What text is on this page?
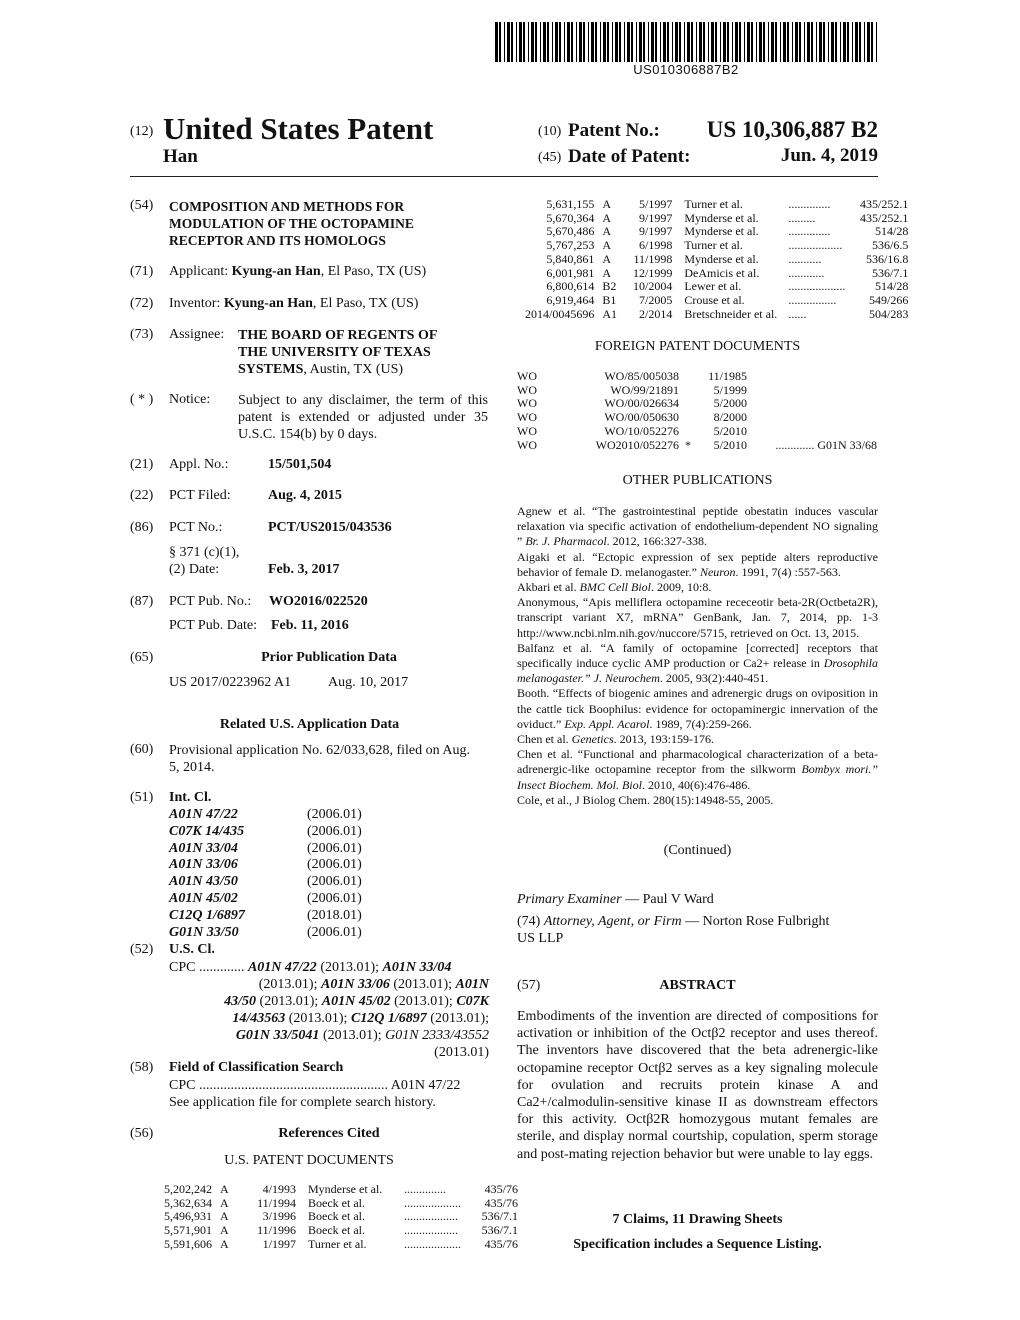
US010306887B2
(12) United States Patent
Han
(10) Patent No.: US 10,306,887 B2
(45) Date of Patent:	Jun. 4, 2019
(54) COMPOSITION AND METHODS FOR
MODULATION OF THE OCTOPAMINE
RECEPTOR AND ITS HOMOLOGS
(71) Applicant: Kyung-an Han, El Paso, TX (US)
(72) Inventor: Kyung-an Han, El Paso, TX (US)
(73) Assignee: THE BOARD OF REGENTS OF
THE UNIVERSITY OF TEXAS
SYSTEMS, Austin, TX (US)
( * ) Notice: Subject to any disclaimer, the term of this
patent is extended or adjusted under 35
U.S.C. 154(b) by 0 days.
(21) Appl. No.:	15/501,504
(22) PCT Filed:	Aug. 4, 2015
(86) PCT No.:	PCT/US2015/043536
§ 371 (c)(1),
(2) Date:	Feb. 3, 2017
(87) PCT Pub. No.: WO2016/022520
PCT Pub. Date: Feb. 11, 2016
(65)	Prior Publication Data
US 2017/0223962 A1	Aug. 10, 2017
Related U.S. Application Data
(60) Provisional application No. 62/033,628, filed on Aug.
5, 2014.
(51) Int. Cl.
A01N 47/22	(2006.01)
C07K 14/435	(2006.01)
A01N 33/04	(2006.01)
A01N 33/06	(2006.01)
A01N 43/50	(2006.01)
A01N 45/02	(2006.01)
C12Q 1/6897	(2018.01)
G01N 33/50	(2006.01)
(52) U.S. Cl.
CPC ............. A01N 47/22 (2013.01); A01N 33/04
(2013.01); A01N 33/06 (2013.01); A01N
43/50 (2013.01); A01N 45/02 (2013.01); C07K
14/43563 (2013.01); C12Q 1/6897 (2013.01);
G01N 33/5041 (2013.01); G01N 2333/43552
(2013.01)
(58) Field of Classification Search
CPC ...................................................... A01N 47/22
See application file for complete search history.
(56)	References Cited
U.S. PATENT DOCUMENTS
5,202,242	A	4/1993	Mynderse et al.	..............	435/76
5,362,634	A	11/1994	Boeck et al.	...................	435/76
5,496,931	A	3/1996	Boeck et al.	..................	536/7.1
5,571,901	A	11/1996	Boeck et al.	..................	536/7.1
5,591,606	A	1/1997	Turner et al.	...................	435/76
5,631,155	A	5/1997	Turner et al.	..............	435/252.1
5,670,364	A	9/1997	Mynderse et al.	.........	435/252.1
5,670,486	A	9/1997	Mynderse et al.	..............	514/28
5,767,253	A	6/1998	Turner et al.	..................	536/6.5
5,840,861	A	11/1998	Mynderse et al.	...........	536/16.8
6,001,981	A	12/1999	DeAmicis et al.	............	536/7.1
6,800,614	B2	10/2004	Lewer et al.	...................	514/28
6,919,464	B1	7/2005	Crouse et al.	................	549/266
2014/0045696	A1	2/2014	Bretschneider et al.	......	504/283
FOREIGN PATENT DOCUMENTS
WO	WO/85/005038		11/1985	
WO	WO/99/21891		5/1999	
WO	WO/00/026634		5/2000	
WO	WO/00/050630		8/2000	
WO	WO/10/052276		5/2010	
WO	WO2010/052276	*	5/2010	............. G01N 33/68
OTHER PUBLICATIONS

Agnew et al. “The gastrointestinal peptide obestatin induces vascular relaxation via specific activation of endothelium-dependent NO signaling ” Br. J. Pharmacol. 2012, 166:327-338.

Aigaki et al. “Ectopic expression of sex peptide alters reproductive behavior of female D. melanogaster.” Neuron. 1991, 7(4) :557-563.

Akbari et al. BMC Cell Biol. 2009, 10:8.

Anonymous, “Apis melliflera octopamine receceotir beta-2R(Octbeta2R), transcript variant X7, mRNA” GenBank, Jan. 7, 2014, pp. 1-3 http://www.ncbi.nlm.nih.gov/nuccore/5715, retrieved on Oct. 13, 2015.

Balfanz et al. “A family of octopamine [corrected] receptors that specifically induce cyclic AMP production or Ca2+ release in Drosophila melanogaster.” J. Neurochem. 2005, 93(2):440-451.

Booth. “Effects of biogenic amines and adrenergic drugs on oviposition in the cattle tick Boophilus: evidence for octopaminergic innervation of the oviduct.” Exp. Appl. Acarol. 1989, 7(4):259-266.

Chen et al. Genetics. 2013, 193:159-176.

Chen et al. “Functional and pharmacological characterization of a beta-adrenergic-like octopamine receptor from the silkworm Bombyx mori.” Insect Biochem. Mol. Biol. 2010, 40(6):476-486.

Cole, et al., J Biolog Chem. 280(15):14948-55, 2005.

(Continued)
Primary Examiner — Paul V Ward
(74) Attorney, Agent, or Firm — Norton Rose Fulbright
US LLP
(57)	ABSTRACT
Embodiments of the invention are directed of compositions for activation or inhibition of the Octβ2 receptor and uses thereof. The inventors have discovered that the beta adrenergic-like octopamine receptor Octβ2 serves as a key signaling molecule for ovulation and recruits protein kinase A and Ca2+/calmodulin-sensitive kinase II as downstream effectors for this activity. Octβ2R homozygous mutant females are sterile, and display normal courtship, copulation, sperm storage and post-mating rejection behavior but were unable to lay eggs.
7 Claims, 11 Drawing Sheets
Specification includes a Sequence Listing.
